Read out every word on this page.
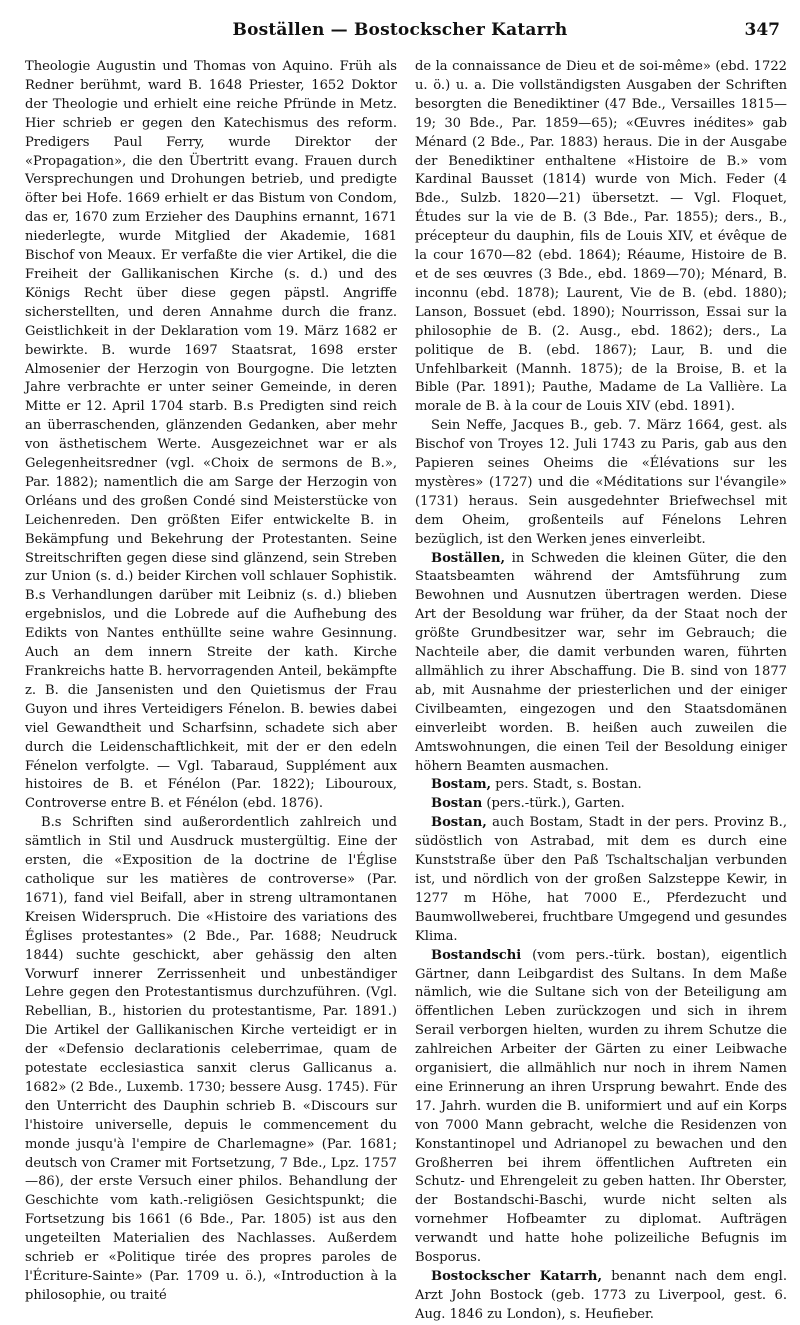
Boställen — Bostockscher Katarrh	347

Theologie Augustin und Thomas von Aquino. Früh als Redner berühmt, ward B. 1648 Priester, 1652 Doktor der Theologie und erhielt eine reiche Pfründe in Metz. Hier schrieb er gegen den Katechismus des reform. Predigers Paul Ferry, wurde Direktor der «Propagation», die den Übertritt evang. Frauen durch Versprechungen und Drohungen betrieb, und predigte öfter bei Hofe. 1669 erhielt er das Bistum von Condom, das er, 1670 zum Erzieher des Dauphins ernannt, 1671 niederlegte, wurde Mitglied der Akademie, 1681 Bischof von Meaux. Er verfaßte die vier Artikel, die die Freiheit der Gallikanischen Kirche (s. d.) und des Königs Recht über diese gegen päpstl. Angriffe sicherstellten, und deren Annahme durch die franz. Geistlichkeit in der Deklaration vom 19. März 1682 er bewirkte. B. wurde 1697 Staatsrat, 1698 erster Almosenier der Herzogin von Bourgogne. Die letzten Jahre verbrachte er unter seiner Gemeinde, in deren Mitte er 12. April 1704 starb. B.s Predigten sind reich an überraschenden, glänzenden Gedanken, aber mehr von ästhetischem Werte. Ausgezeichnet war er als Gelegenheitsredner (vgl. «Choix de sermons de B.», Par. 1882); namentlich die am Sarge der Herzogin von Orléans und des großen Condé sind Meisterstücke von Leichenreden. Den größten Eifer entwickelte B. in Bekämpfung und Bekehrung der Protestanten. Seine Streitschriften gegen diese sind glänzend, sein Streben zur Union (s. d.) beider Kirchen voll schlauer Sophistik. B.s Verhandlungen darüber mit Leibniz (s. d.) blieben ergebnislos, und die Lobrede auf die Aufhebung des Edikts von Nantes enthüllte seine wahre Gesinnung. Auch an dem innern Streite der kath. Kirche Frankreichs hatte B. hervorragenden Anteil, bekämpfte z. B. die Jansenisten und den Quietismus der Frau Guyon und ihres Verteidigers Fénelon. B. bewies dabei viel Gewandtheit und Scharfsinn, schadete sich aber durch die Leidenschaftlichkeit, mit der er den edeln Fénelon verfolgte. — Vgl. Tabaraud, Supplément aux histoires de B. et Fénélon (Par. 1822); Libouroux, Controverse entre B. et Fénélon (ebd. 1876).

B.s Schriften sind außerordentlich zahlreich und sämtlich in Stil und Ausdruck mustergültig. Eine der ersten, die «Exposition de la doctrine de l'Église catholique sur les matières de controverse» (Par. 1671), fand viel Beifall, aber in streng ultramontanen Kreisen Widerspruch. Die «Histoire des variations des Églises protestantes» (2 Bde., Par. 1688; Neudruck 1844) suchte geschickt, aber gehässig den alten Vorwurf innerer Zerrissenheit und unbeständiger Lehre gegen den Protestantismus durchzuführen. (Vgl. Rebellian, B., historien du protestantisme, Par. 1891.) Die Artikel der Gallikanischen Kirche verteidigt er in der «Defensio declarationis celeberrimae, quam de potestate ecclesiastica sanxit clerus Gallicanus a. 1682» (2 Bde., Luxemb. 1730; bessere Ausg. 1745). Für den Unterricht des Dauphin schrieb B. «Discours sur l'histoire universelle, depuis le commencement du monde jusqu'à l'empire de Charlemagne» (Par. 1681; deutsch von Cramer mit Fortsetzung, 7 Bde., Lpz. 1757—86), der erste Versuch einer philos. Behandlung der Geschichte vom kath.-religiösen Gesichtspunkt; die Fortsetzung bis 1661 (6 Bde., Par. 1805) ist aus den ungeteilten Materialien des Nachlasses. Außerdem schrieb er «Politique tirée des propres paroles de l'Écriture-Sainte» (Par. 1709 u. ö.), «Introduction à la philosophie, ou traité

de la connaissance de Dieu et de soi-même» (ebd. 1722 u. ö.) u. a. Die vollständigsten Ausgaben der Schriften besorgten die Benediktiner (47 Bde., Versailles 1815—19; 30 Bde., Par. 1859—65); «Œuvres inédites» gab Ménard (2 Bde., Par. 1883) heraus. Die in der Ausgabe der Benediktiner enthaltene «Histoire de B.» vom Kardinal Bausset (1814) wurde von Mich. Feder (4 Bde., Sulzb. 1820—21) übersetzt. — Vgl. Floquet, Études sur la vie de B. (3 Bde., Par. 1855); ders., B., précepteur du dauphin, fils de Louis XIV, et évêque de la cour 1670—82 (ebd. 1864); Réaume, Histoire de B. et de ses œuvres (3 Bde., ebd. 1869—70); Ménard, B. inconnu (ebd. 1878); Laurent, Vie de B. (ebd. 1880); Lanson, Bossuet (ebd. 1890); Nourrisson, Essai sur la philosophie de B. (2. Ausg., ebd. 1862); ders., La politique de B. (ebd. 1867); Laur, B. und die Unfehlbarkeit (Mannh. 1875); de la Broise, B. et la Bible (Par. 1891); Pauthe, Madame de La Vallière. La morale de B. à la cour de Louis XIV (ebd. 1891).

Sein Neffe, Jacques B., geb. 7. März 1664, gest. als Bischof von Troyes 12. Juli 1743 zu Paris, gab aus den Papieren seines Oheims die «Élévations sur les mystères» (1727) und die «Méditations sur l'évangile» (1731) heraus. Sein ausgedehnter Briefwechsel mit dem Oheim, großenteils auf Fénelons Lehren bezüglich, ist den Werken jenes einverleibt.

Boställen, in Schweden die kleinen Güter, die den Staatsbeamten während der Amtsführung zum Bewohnen und Ausnutzen übertragen werden. Diese Art der Besoldung war früher, da der Staat noch der größte Grundbesitzer war, sehr im Gebrauch; die Nachteile aber, die damit verbunden waren, führten allmählich zu ihrer Abschaffung. Die B. sind von 1877 ab, mit Ausnahme der priesterlichen und der einiger Civilbeamten, eingezogen und den Staatsdomänen einverleibt worden. B. heißen auch zuweilen die Amtswohnungen, die einen Teil der Besoldung einiger höhern Beamten ausmachen.

Bostam, pers. Stadt, s. Bostan.

Bostan (pers.-türk.), Garten.

Bostan, auch Bostam, Stadt in der pers. Provinz B., südöstlich von Astrabad, mit dem es durch eine Kunststraße über den Paß Tschaltschaljan verbunden ist, und nördlich von der großen Salzsteppe Kewir, in 1277 m Höhe, hat 7000 E., Pferdezucht und Baumwollweberei, fruchtbare Umgegend und gesundes Klima.

Bostandschi (vom pers.-türk. bostan), eigentlich Gärtner, dann Leibgardist des Sultans. In dem Maße nämlich, wie die Sultane sich von der Beteiligung am öffentlichen Leben zurückzogen und sich in ihrem Serail verborgen hielten, wurden zu ihrem Schutze die zahlreichen Arbeiter der Gärten zu einer Leibwache organisiert, die allmählich nur noch in ihrem Namen eine Erinnerung an ihren Ursprung bewahrt. Ende des 17. Jahrh. wurden die B. uniformiert und auf ein Korps von 7000 Mann gebracht, welche die Residenzen von Konstantinopel und Adrianopel zu bewachen und den Großherren bei ihrem öffentlichen Auftreten ein Schutz- und Ehrengeleit zu geben hatten. Ihr Oberster, der Bostandschi-Baschi, wurde nicht selten als vornehmer Hofbeamter zu diplomat. Aufträgen verwandt und hatte hohe polizeiliche Befugnis im Bosporus.

Bostockscher Katarrh, benannt nach dem engl. Arzt John Bostock (geb. 1773 zu Liverpool, gest. 6. Aug. 1846 zu London), s. Heufieber.
